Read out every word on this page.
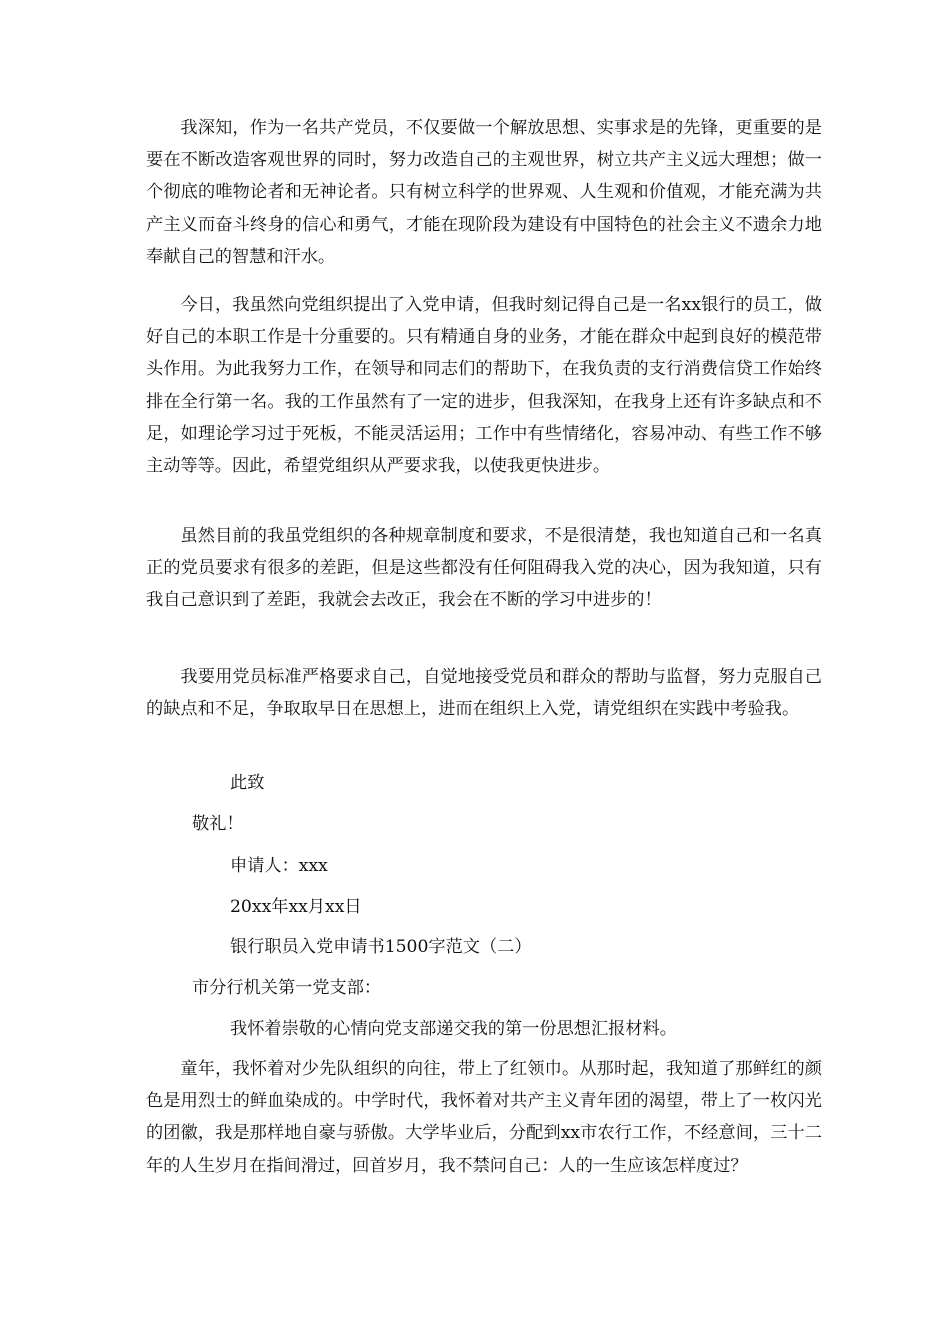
我深知，作为一名共产党员，不仅要做一个解放思想、实事求是的先锋，更重要的是要在不断改造客观世界的同时，努力改造自己的主观世界，树立共产主义远大理想；做一个彻底的唯物论者和无神论者。只有树立科学的世界观、人生观和价值观，才能充满为共产主义而奋斗终身的信心和勇气，才能在现阶段为建设有中国特色的社会主义不遗余力地奉献自己的智慧和汗水。

今日，我虽然向党组织提出了入党申请，但我时刻记得自己是一名xx银行的员工，做好自己的本职工作是十分重要的。只有精通自身的业务，才能在群众中起到良好的模范带头作用。为此我努力工作，在领导和同志们的帮助下，在我负责的支行消费信贷工作始终排在全行第一名。我的工作虽然有了一定的进步，但我深知，在我身上还有许多缺点和不足，如理论学习过于死板，不能灵活运用；工作中有些情绪化，容易冲动、有些工作不够主动等等。因此，希望党组织从严要求我，以使我更快进步。

虽然目前的我虽党组织的各种规章制度和要求，不是很清楚，我也知道自己和一名真正的党员要求有很多的差距，但是这些都没有任何阻碍我入党的决心，因为我知道，只有我自己意识到了差距，我就会去改正，我会在不断的学习中进步的！

我要用党员标准严格要求自己，自觉地接受党员和群众的帮助与监督，努力克服自己的缺点和不足，争取取早日在思想上，进而在组织上入党，请党组织在实践中考验我。

此致

敬礼！

申请人：xxx

20xx年xx月xx日

银行职员入党申请书1500字范文（二）

市分行机关第一党支部：

我怀着崇敬的心情向党支部递交我的第一份思想汇报材料。

童年，我怀着对少先队组织的向往，带上了红领巾。从那时起，我知道了那鲜红的颜色是用烈士的鲜血染成的。中学时代，我怀着对共产主义青年团的渴望，带上了一枚闪光的团徽，我是那样地自豪与骄傲。大学毕业后，分配到xx市农行工作，不经意间，三十二年的人生岁月在指间滑过，回首岁月，我不禁问自己：人的一生应该怎样度过？
